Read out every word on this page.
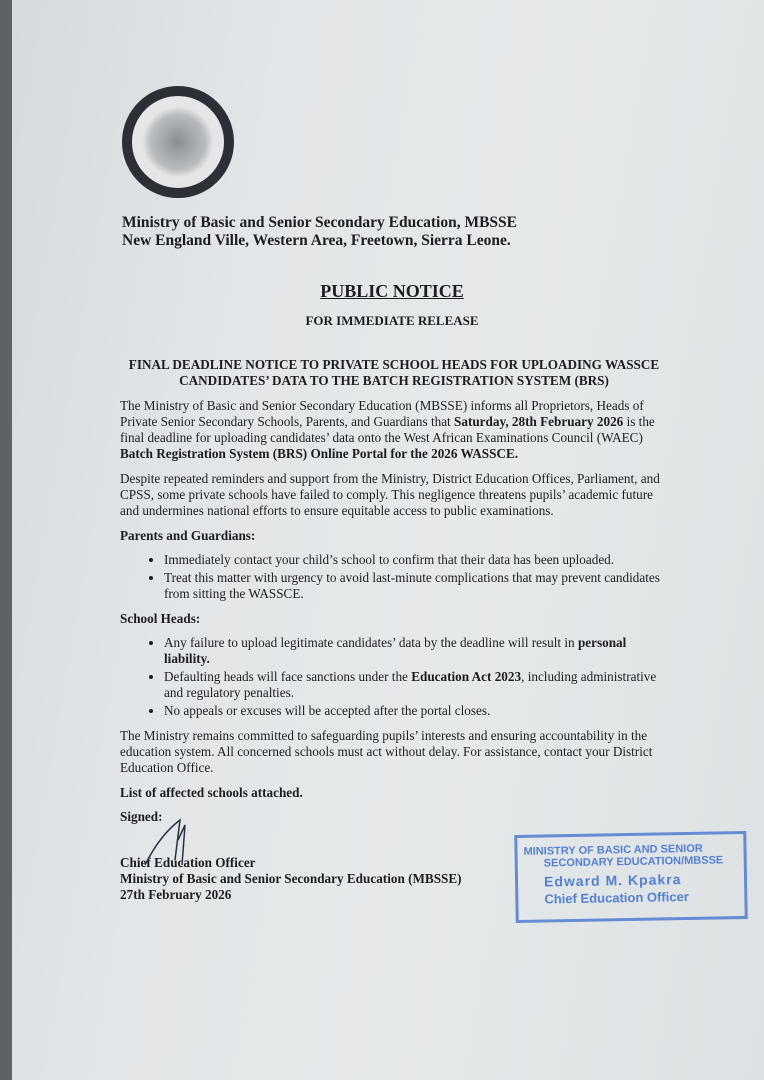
Ministry of Basic and Senior Secondary Education, MBSSE
New England Ville, Western Area, Freetown, Sierra Leone.
PUBLIC NOTICE
FOR IMMEDIATE RELEASE
FINAL DEADLINE NOTICE TO PRIVATE SCHOOL HEADS FOR UPLOADING WASSCE CANDIDATES’ DATA TO THE BATCH REGISTRATION SYSTEM (BRS)

The Ministry of Basic and Senior Secondary Education (MBSSE) informs all Proprietors, Heads of Private Senior Secondary Schools, Parents, and Guardians that Saturday, 28th February 2026 is the final deadline for uploading candidates’ data onto the West African Examinations Council (WAEC) Batch Registration System (BRS) Online Portal for the 2026 WASSCE.

Despite repeated reminders and support from the Ministry, District Education Offices, Parliament, and CPSS, some private schools have failed to comply. This negligence threatens pupils’ academic future and undermines national efforts to ensure equitable access to public examinations.

Parents and Guardians:
• Immediately contact your child’s school to confirm that their data has been uploaded.
• Treat this matter with urgency to avoid last-minute complications that may prevent candidates from sitting the WASSCE.
School Heads:
• Any failure to upload legitimate candidates’ data by the deadline will result in personal liability.
• Defaulting heads will face sanctions under the Education Act 2023, including administrative and regulatory penalties.
• No appeals or excuses will be accepted after the portal closes.

The Ministry remains committed to safeguarding pupils’ interests and ensuring accountability in the education system. All concerned schools must act without delay. For assistance, contact your District Education Office.

List of affected schools attached.

Signed:

Chief Education Officer
Ministry of Basic and Senior Secondary Education (MBSSE)
27th February 2026
MINISTRY OF BASIC AND SENIOR
SECONDARY EDUCATION/MBSSE
Edward M. Kpakra
Chief Education Officer
